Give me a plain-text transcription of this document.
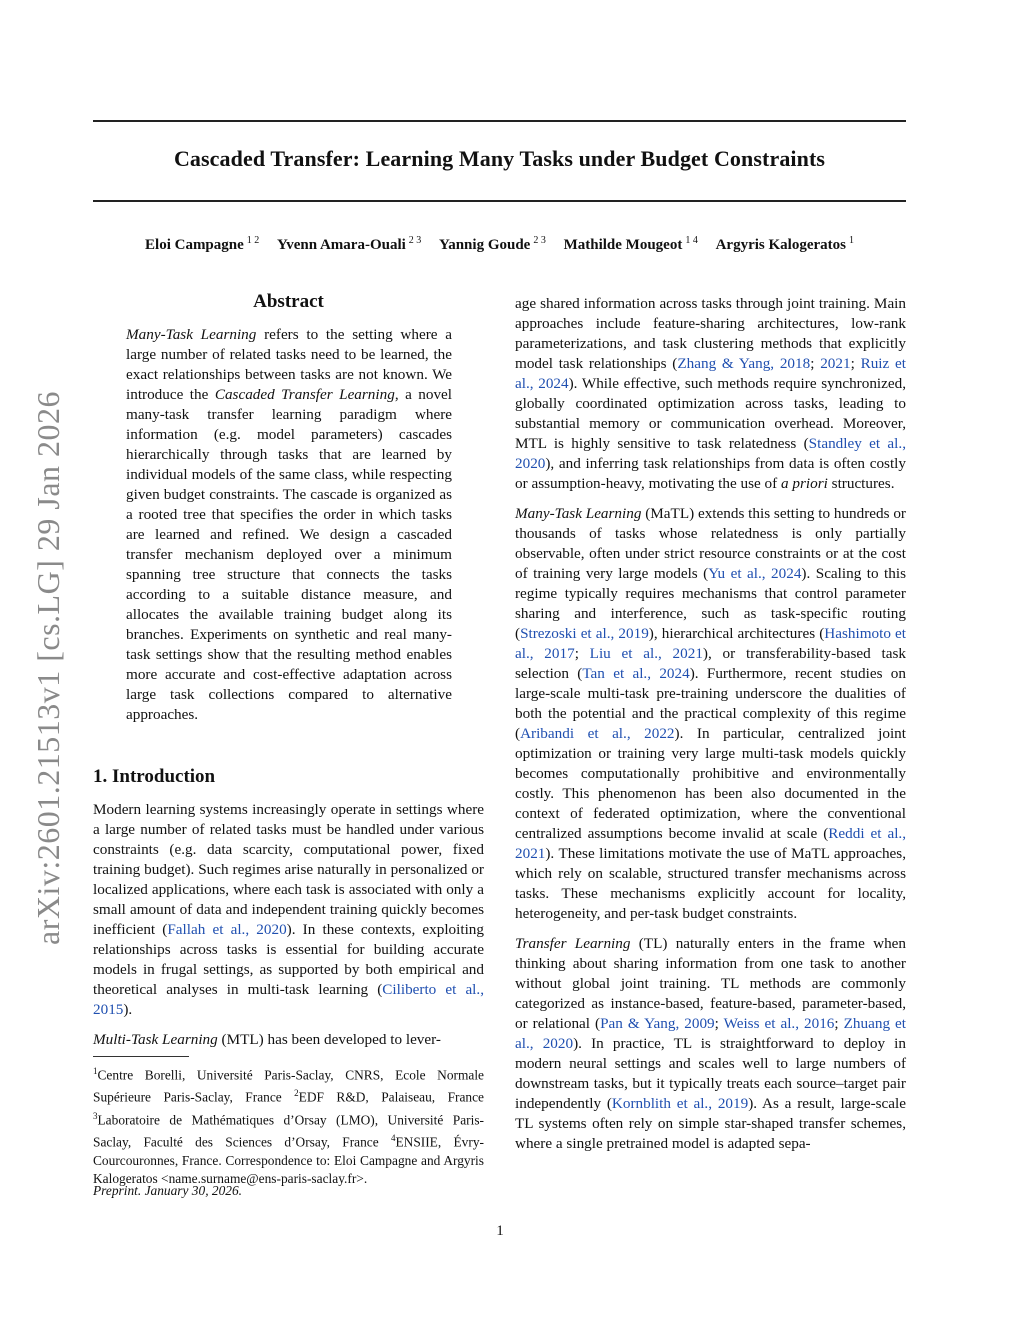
Cascaded Transfer: Learning Many Tasks under Budget Constraints
Eloi Campagne $^{1 2}$ Yvenn Amara-Ouali $^{2 3}$ Yannig Goude $^{2 3}$ Mathilde Mougeot $^{1 4}$ Argyris Kalogeratos $^1$
arXiv:2601.21513v1 [cs.LG] 29 Jan 2026
Abstract

Many-Task Learning refers to the setting where a large number of related tasks need to be learned, the exact relationships between tasks are not known. We introduce the Cascaded Transfer Learning, a novel many-task transfer learning paradigm where information (e.g. model parameters) cascades hierarchically through tasks that are learned by individual models of the same class, while respecting given budget constraints. The cascade is organized as a rooted tree that specifies the order in which tasks are learned and refined. We design a cascaded transfer mechanism deployed over a minimum spanning tree structure that connects the tasks according to a suitable distance measure, and allocates the available training budget along its branches. Experiments on synthetic and real many-task settings show that the resulting method enables more accurate and cost-effective adaptation across large task collections compared to alternative approaches.

1. Introduction

Modern learning systems increasingly operate in settings where a large number of related tasks must be handled under various constraints (e.g. data scarcity, computational power, fixed training budget). Such regimes arise naturally in personalized or localized applications, where each task is associated with only a small amount of data and independent training quickly becomes inefficient (Fallah et al., 2020). In these contexts, exploiting relationships across tasks is essential for building accurate models in frugal settings, as supported by both empirical and theoretical analyses in multi-task learning (Ciliberto et al., 2015).

Multi-Task Learning (MTL) has been developed to lever-

age shared information across tasks through joint training. Main approaches include feature-sharing architectures, low-rank parameterizations, and task clustering methods that explicitly model task relationships (Zhang & Yang, 2018; 2021; Ruiz et al., 2024). While effective, such methods require synchronized, globally coordinated optimization across tasks, leading to substantial memory or communication overhead. Moreover, MTL is highly sensitive to task relatedness (Standley et al., 2020), and inferring task relationships from data is often costly or assumption-heavy, motivating the use of a priori structures.

Many-Task Learning (MaTL) extends this setting to hundreds or thousands of tasks whose relatedness is only partially observable, often under strict resource constraints or at the cost of training very large models (Yu et al., 2024). Scaling to this regime typically requires mechanisms that control parameter sharing and interference, such as task-specific routing (Strezoski et al., 2019), hierarchical architectures (Hashimoto et al., 2017; Liu et al., 2021), or transferability-based task selection (Tan et al., 2024). Furthermore, recent studies on large-scale multi-task pre-training underscore the dualities of both the potential and the practical complexity of this regime (Aribandi et al., 2022). In particular, centralized joint optimization or training very large multi-task models quickly becomes computationally prohibitive and environmentally costly. This phenomenon has been also documented in the context of federated optimization, where the conventional centralized assumptions become invalid at scale (Reddi et al., 2021). These limitations motivate the use of MaTL approaches, which rely on scalable, structured transfer mechanisms across tasks. These mechanisms explicitly account for locality, heterogeneity, and per-task budget constraints.

Transfer Learning (TL) naturally enters in the frame when thinking about sharing information from one task to another without global joint training. TL methods are commonly categorized as instance-based, feature-based, parameter-based, or relational (Pan & Yang, 2009; Weiss et al., 2016; Zhuang et al., 2020). In practice, TL is straightforward to deploy in modern neural settings and scales well to large numbers of downstream tasks, but it typically treats each source–target pair independently (Kornblith et al., 2019). As a result, large-scale TL systems often rely on simple star-shaped transfer schemes, where a single pretrained model is adapted sepa-

$^1$Centre Borelli, Université Paris-Saclay, CNRS, Ecole Normale Supérieure Paris-Saclay, France $^2$EDF R&D, Palaiseau, France $^3$Laboratoire de Mathématiques d’Orsay (LMO), Université Paris-Saclay, Faculté des Sciences d’Orsay, France $^4$ENSIIE, Évry-Courcouronnes, France. Correspondence to: Eloi Campagne and Argyris Kalogeratos <name.surname@ens-paris-saclay.fr>.
Preprint. January 30, 2026.
1
